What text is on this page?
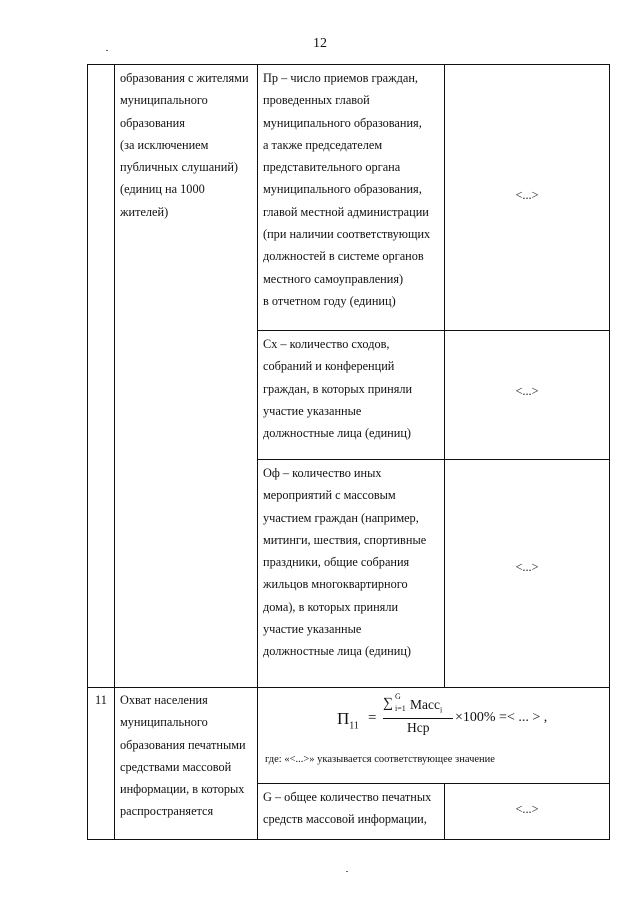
12
образования с жителями
муниципального
образования
(за исключением
публичных слушаний)
(единиц на 1000
жителей)
Пр – число приемов граждан,
проведенных главой
муниципального образования,
а также председателем
представительного органа
муниципального образования,
главой местной администрации
(при наличии соответствующих
должностей в системе органов
местного самоуправления)
в отчетном году (единиц)
<...>
Сх – количество сходов,
собраний и конференций
граждан, в которых приняли
участие указанные
должностные лица (единиц)
<...>
Оф – количество иных
мероприятий с массовым
участием граждан (например,
митинги, шествия, спортивные
праздники, общие собрания
жильцов многоквартирного
дома), в которых приняли
участие указанные
должностные лица (единиц)
<...>
11 Охват населения
муниципального
образования печатными
средствами массовой
информации, в которых
распространяется
$П_{11}$ =
∑ G
i=1 Масс$_i$
Нср
×100% =< ... > ,
где: «<...>» указывается соответствующее значение
G – общее количество печатных
средств массовой информации,
<...>
